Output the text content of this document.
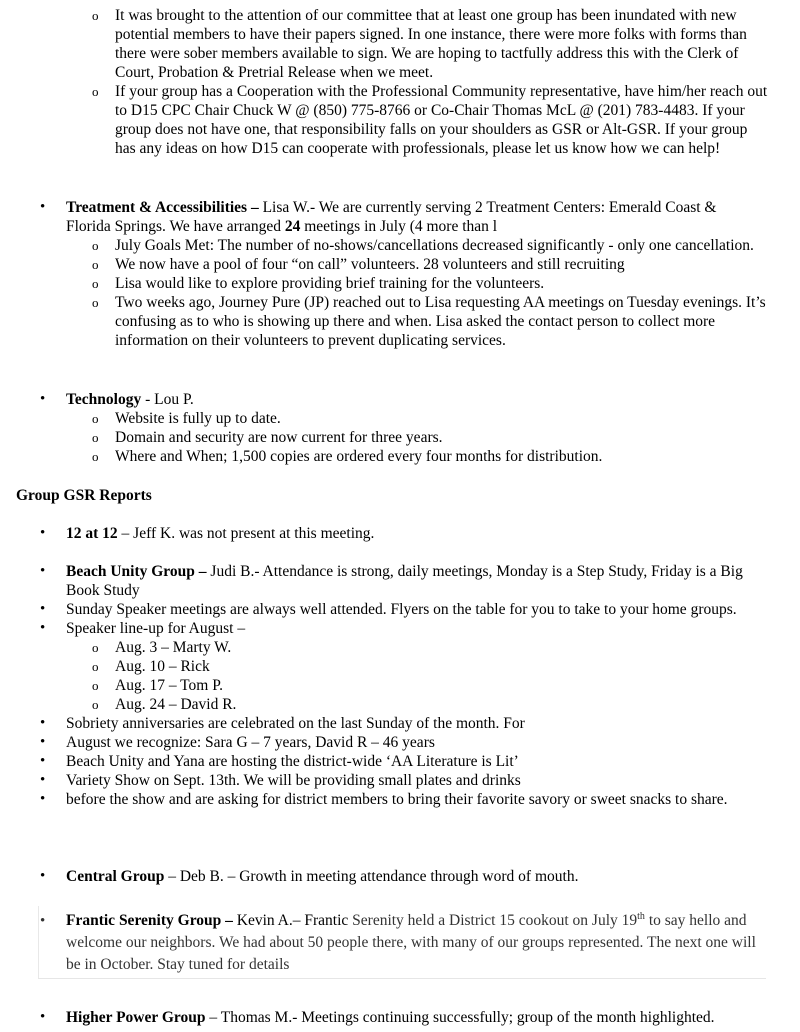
o It was brought to the attention of our committee that at least one group has been inundated with new potential members to have their papers signed. In one instance, there were more folks with forms than there were sober members available to sign. We are hoping to tactfully address this with the Clerk of Court, Probation & Pretrial Release when we meet.
o If your group has a Cooperation with the Professional Community representative, have him/her reach out to D15 CPC Chair Chuck W @ (850) 775-8766 or Co-Chair Thomas McL @ (201) 783-4483. If your group does not have one, that responsibility falls on your shoulders as GSR or Alt-GSR. If your group has any ideas on how D15 can cooperate with professionals, please let us know how we can help!
• Treatment & Accessibilities – Lisa W.- We are currently serving 2 Treatment Centers: Emerald Coast & Florida Springs. We have arranged 24 meetings in July (4 more than l
o July Goals Met: The number of no-shows/cancellations decreased significantly - only one cancellation.
o We now have a pool of four “on call” volunteers. 28 volunteers and still recruiting
o Lisa would like to explore providing brief training for the volunteers.
o Two weeks ago, Journey Pure (JP) reached out to Lisa requesting AA meetings on Tuesday evenings. It’s confusing as to who is showing up there and when. Lisa asked the contact person to collect more information on their volunteers to prevent duplicating services.
• Technology - Lou P.
o Website is fully up to date.
o Domain and security are now current for three years.
o Where and When; 1,500 copies are ordered every four months for distribution.
Group GSR Reports
• 12 at 12 – Jeff K. was not present at this meeting.
• Beach Unity Group – Judi B.- Attendance is strong, daily meetings, Monday is a Step Study, Friday is a Big Book Study
• Sunday Speaker meetings are always well attended. Flyers on the table for you to take to your home groups.
• Speaker line-up for August –
o Aug. 3 – Marty W.
o Aug. 10 – Rick
o Aug. 17 – Tom P.
o Aug. 24 – David R.
• Sobriety anniversaries are celebrated on the last Sunday of the month. For
• August we recognize: Sara G – 7 years, David R – 46 years
• Beach Unity and Yana are hosting the district-wide ‘AA Literature is Lit’
• Variety Show on Sept. 13th. We will be providing small plates and drinks
• before the show and are asking for district members to bring their favorite savory or sweet snacks to share.
• Central Group – Deb B. – Growth in meeting attendance through word of mouth.
• Frantic Serenity Group – Kevin A.– Frantic Serenity held a District 15 cookout on July 19th to say hello and welcome our neighbors. We had about 50 people there, with many of our groups represented. The next one will be in October. Stay tuned for details
• Higher Power Group – Thomas M.- Meetings continuing successfully; group of the month highlighted.
